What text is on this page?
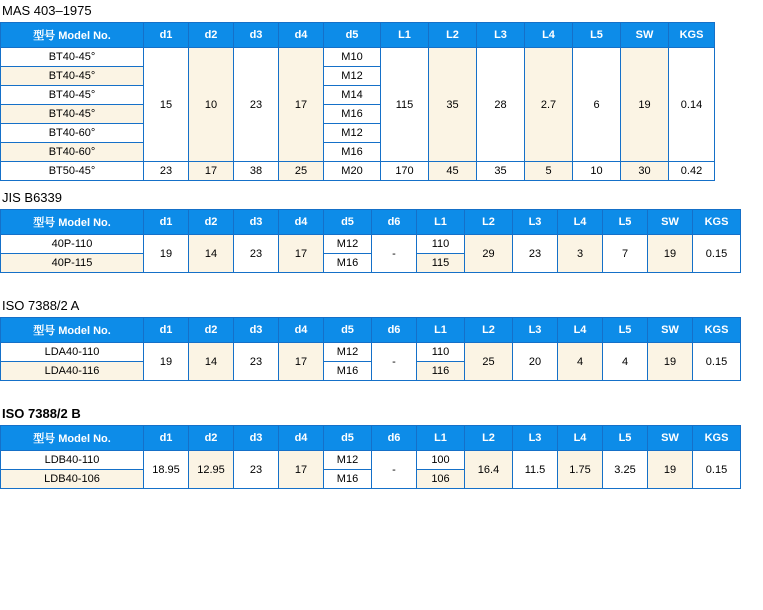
MAS 403–1975
型号 Model No.	d1	d2	d3	d4	d5	L1	L2	L3	L4	L5	SW	KGS
BT40-45°	15	10	23	17	M10	115	35	28	2.7	6	19	0.14
BT40-45°					M12							
BT40-45°					M14							
BT40-45°					M16							
BT40-60°					M12							
BT40-60°					M16							
BT50-45°	23	17	38	25	M20	170	45	35	5	10	30	0.42
JIS B6339
型号 Model No.	d1	d2	d3	d4	d5	d6	L1	L2	L3	L4	L5	SW	KGS
40P-110	19	14	23	17	M12	-	110	29	23	3	7	19	0.15
40P-115					M16		115						
ISO 7388/2 A
型号 Model No.	d1	d2	d3	d4	d5	d6	L1	L2	L3	L4	L5	SW	KGS
LDA40-110	19	14	23	17	M12	-	110	25	20	4	4	19	0.15
LDA40-116					M16		116						
ISO 7388/2 B
型号 Model No.	d1	d2	d3	d4	d5	d6	L1	L2	L3	L4	L5	SW	KGS
LDB40-110	18.95	12.95	23	17	M12	-	100	16.4	11.5	1.75	3.25	19	0.15
LDB40-106					M16		106						
